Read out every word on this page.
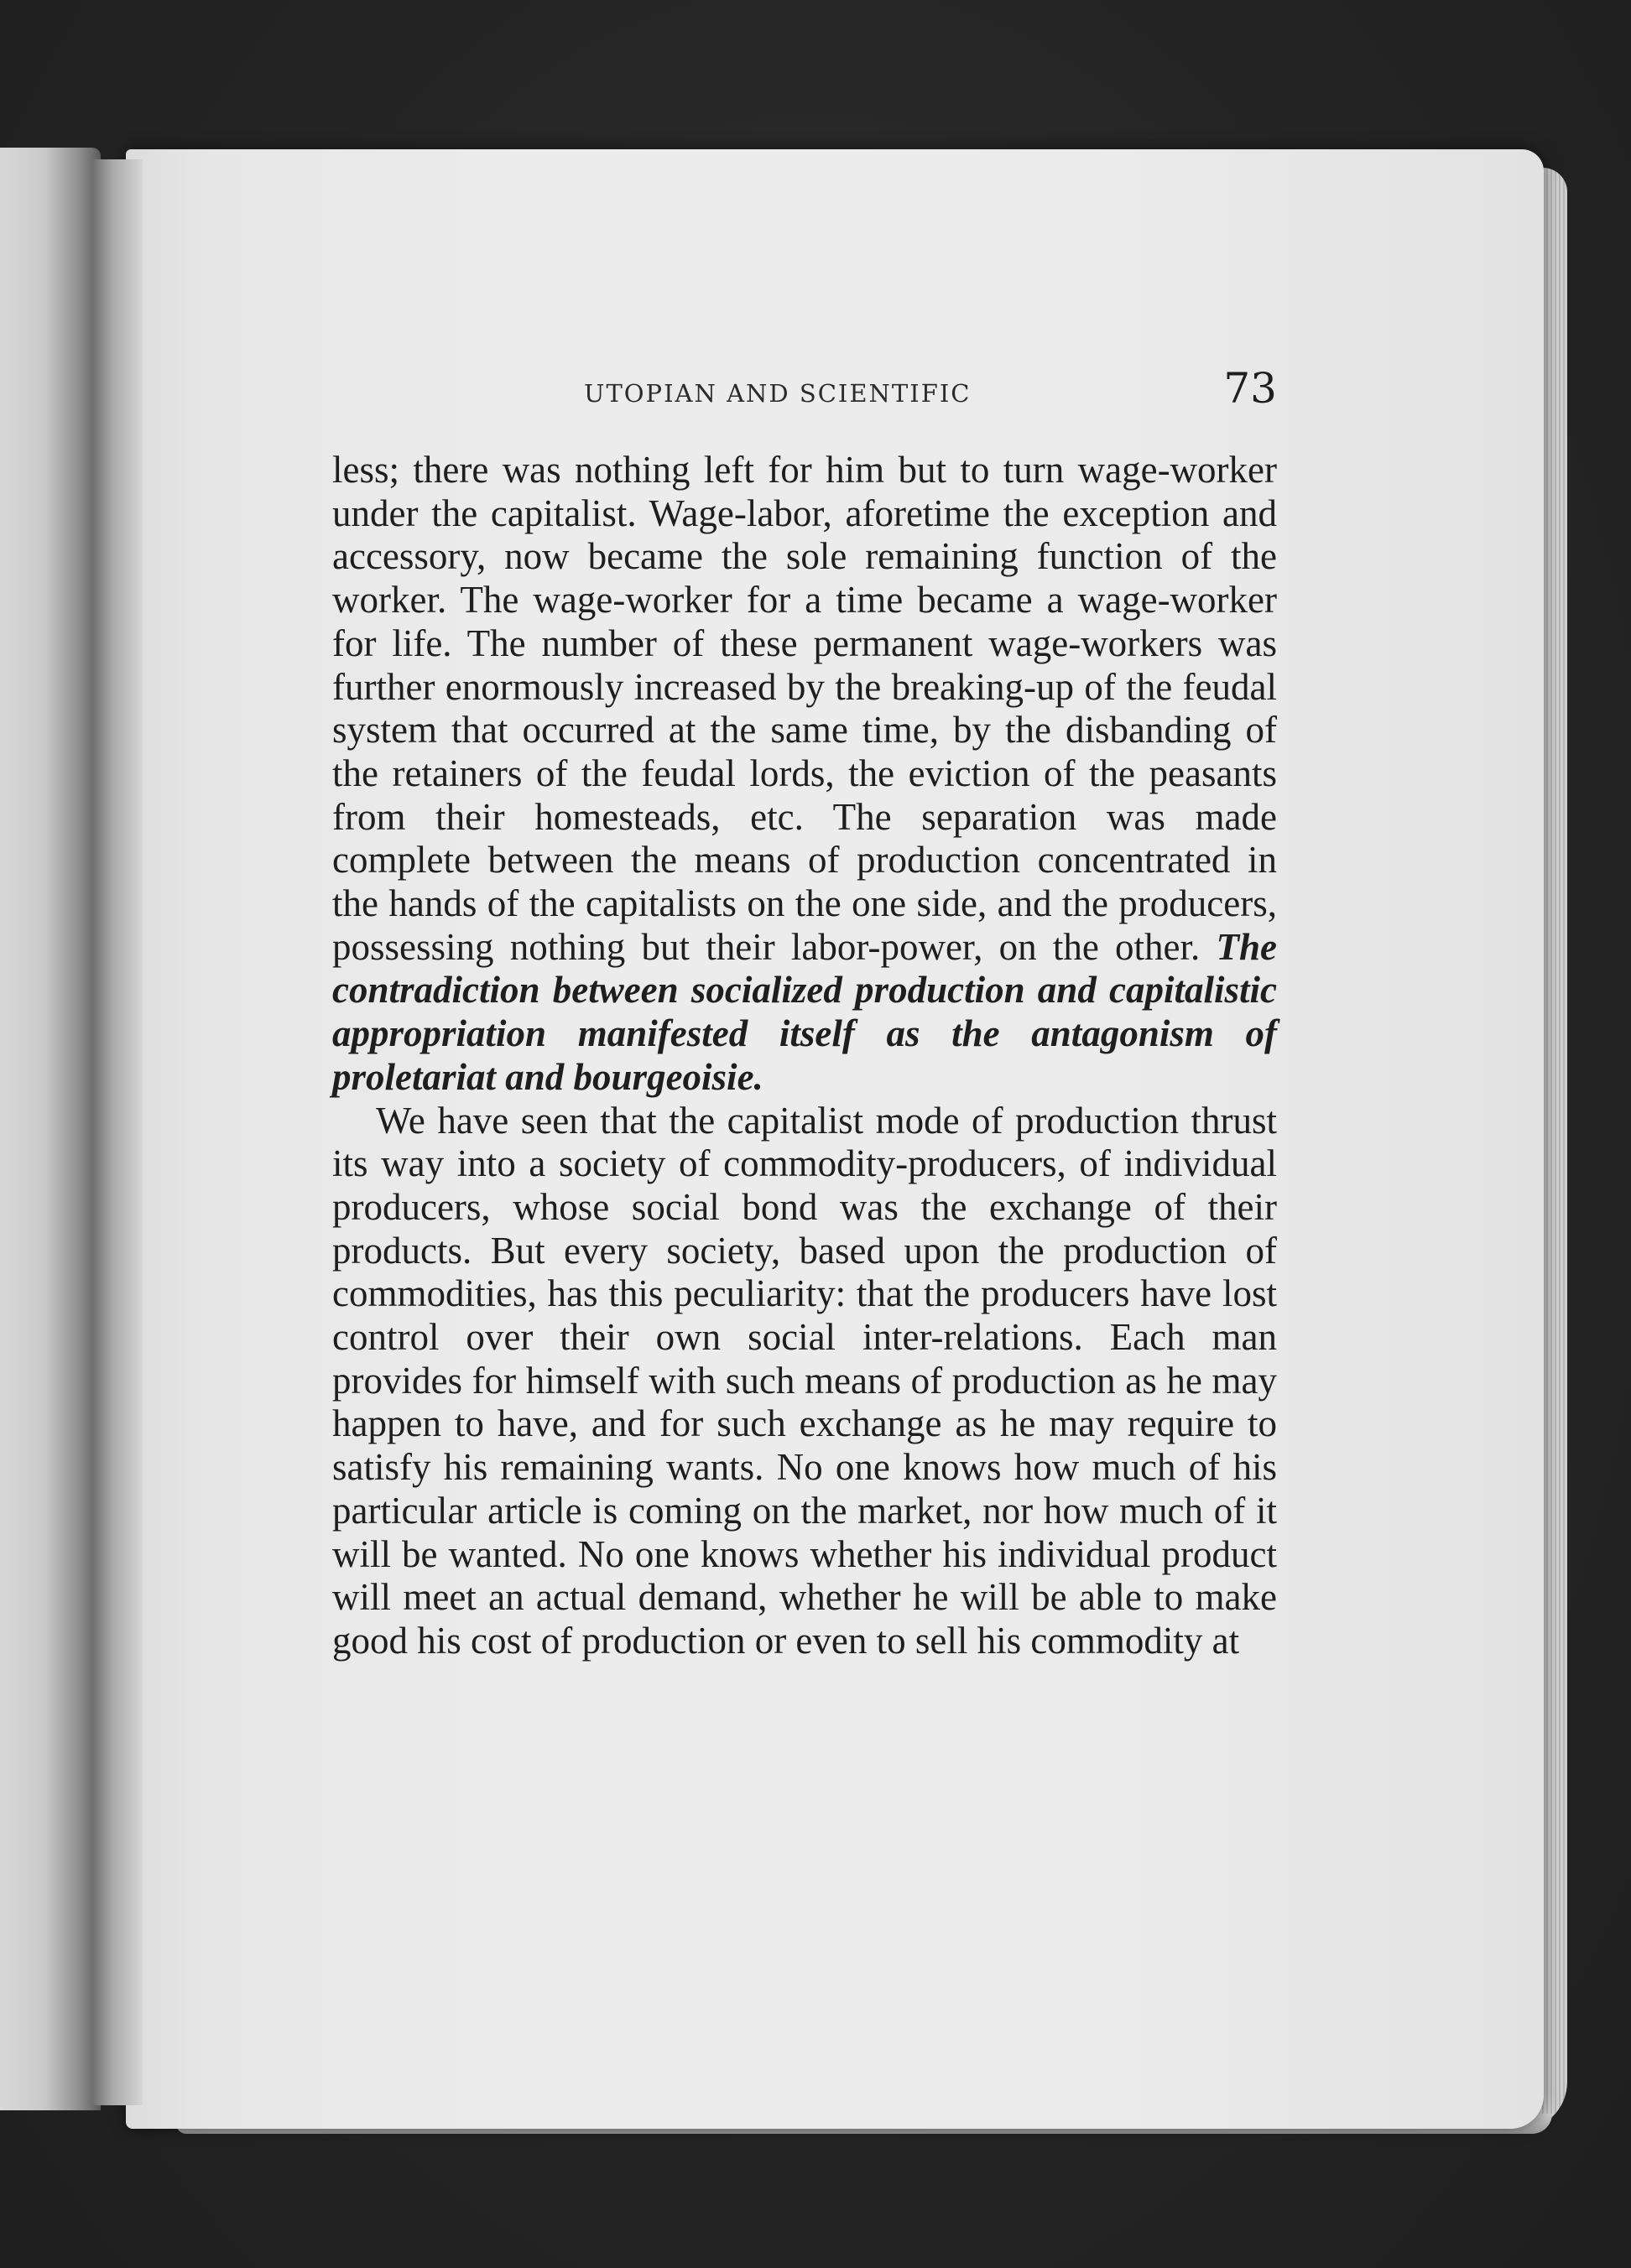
UTOPIAN AND SCIENTIFIC	73

less; there was nothing left for him but to turn wage-worker under the capitalist. Wage-labor, aforetime the exception and accessory, now became the sole remaining function of the worker. The wage-worker for a time became a wage-worker for life. The number of these permanent wage-workers was further enormously increased by the breaking-up of the feudal system that occurred at the same time, by the disbanding of the retainers of the feudal lords, the eviction of the peasants from their homesteads, etc. The separation was made complete between the means of production concentrated in the hands of the capitalists on the one side, and the producers, possessing nothing but their labor-power, on the other. The contradiction between socialized production and capitalistic appropriation manifested itself as the antagonism of proletariat and bourgeoisie.

We have seen that the capitalist mode of production thrust its way into a society of commodity-producers, of individual producers, whose social bond was the exchange of their products. But every society, based upon the production of commodities, has this peculiarity: that the producers have lost control over their own social inter-relations. Each man provides for himself with such means of production as he may happen to have, and for such exchange as he may require to satisfy his remaining wants. No one knows how much of his particular article is coming on the market, nor how much of it will be wanted. No one knows whether his individual product will meet an actual demand, whether he will be able to make good his cost of production or even to sell his commodity at
